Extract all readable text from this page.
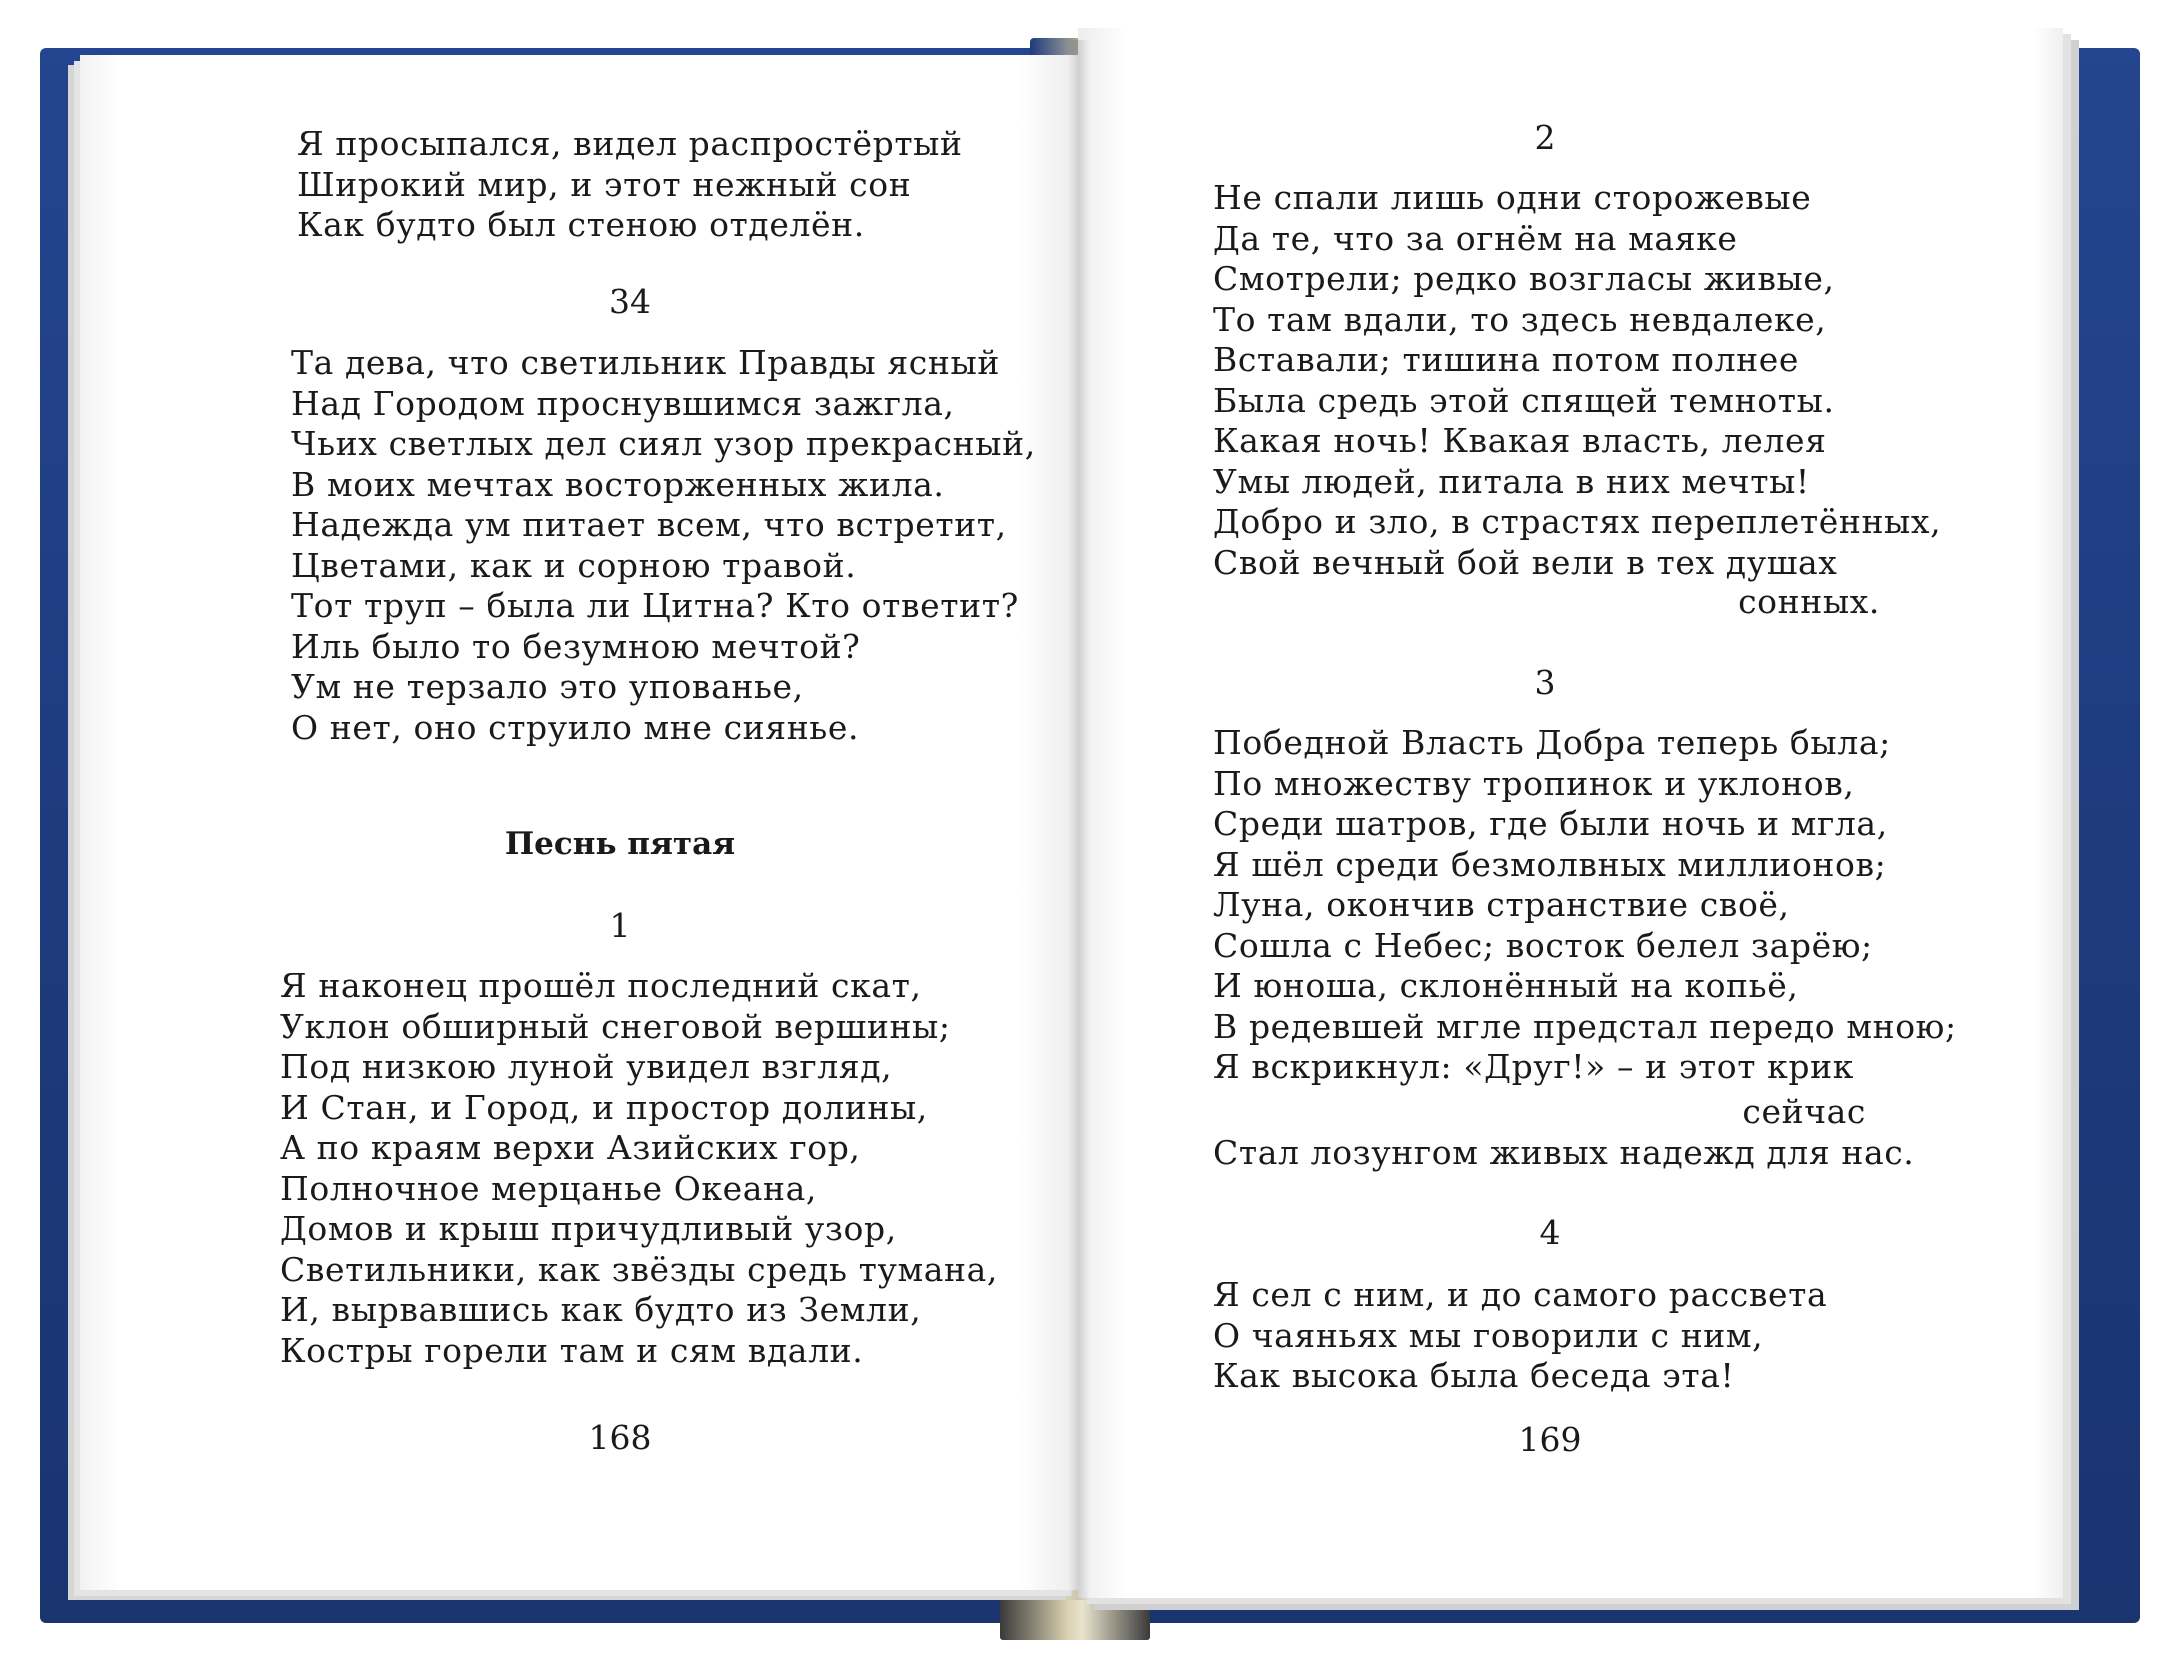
Я просыпался, видел распростёртый
Широкий мир, и этот нежный сон
Как будто был стеною отделён.
34
Та дева, что светильник Правды ясный
Над Городом проснувшимся зажгла,
Чьих светлых дел сиял узор прекрасный,
В моих мечтах восторженных жила.
Надежда ум питает всем, что встретит,
Цветами, как и сорною травой.
Тот труп – была ли Цитна? Кто ответит?
Иль было то безумною мечтой?
Ум не терзало это упованье,
О нет, оно струило мне сиянье.
Песнь пятая
1
Я наконец прошёл последний скат,
Уклон обширный снеговой вершины;
Под низкою луной увидел взгляд,
И Стан, и Город, и простор долины,
А по краям верхи Азийских гор,
Полночное мерцанье Океана,
Домов и крыш причудливый узор,
Светильники, как звёзды средь тумана,
И, вырвавшись как будто из Земли,
Костры горели там и сям вдали.
168
2
Не спали лишь одни сторожевые
Да те, что за огнём на маяке
Смотрели; редко возгласы живые,
То там вдали, то здесь невдалеке,
Вставали; тишина потом полнее
Была средь этой спящей темноты.
Какая ночь! Квакая власть, лелея
Умы людей, питала в них мечты!
Добро и зло, в страстях переплетённых,
Свой вечный бой вели в тех душах
сонных.
3
Победной Власть Добра теперь была;
По множеству тропинок и уклонов,
Среди шатров, где были ночь и мгла,
Я шёл среди безмолвных миллионов;
Луна, окончив странствие своё,
Сошла с Небес; восток белел зарёю;
И юноша, склонённый на копьё,
В редевшей мгле предстал передо мною;
Я вскрикнул: «Друг!» – и этот крик
сейчас
Стал лозунгом живых надежд для нас.
4
Я сел с ним, и до самого рассвета
О чаяньях мы говорили с ним,
Как высока была беседа эта!
169
